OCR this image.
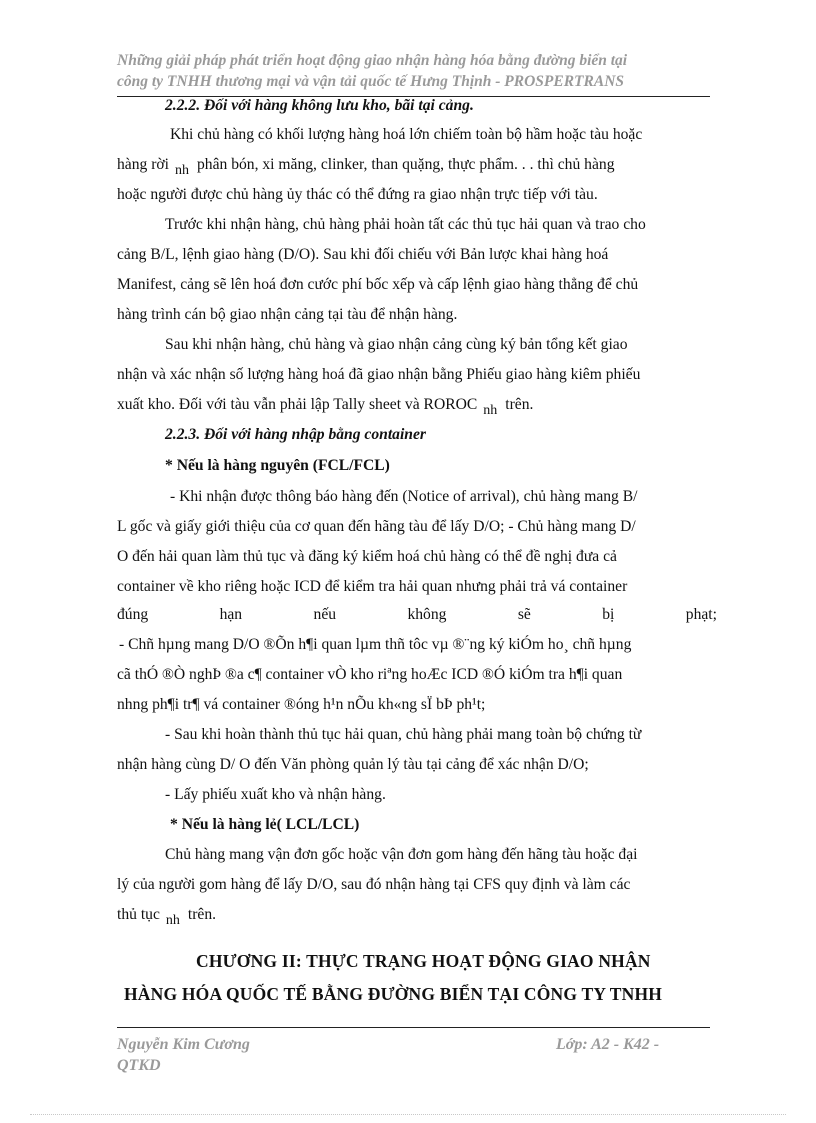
Những giải pháp phát triển hoạt động giao nhận hàng hóa bằng đường biển tại
công ty TNHH thương mại và vận tải quốc tế Hưng Thịnh - PROSPERTRANS
2.2.2. Đối với hàng không lưu kho, bãi tại cảng.
Khi chủ hàng có khối lượng hàng hoá lớn chiếm toàn bộ hầm hoặc tàu hoặc
hàng rời nh phân bón, xi măng, clinker, than quặng, thực phẩm. . . thì chủ hàng
hoặc người được chủ hàng ủy thác có thể đứng ra giao nhận trực tiếp với tàu.
Trước khi nhận hàng, chủ hàng phải hoàn tất các thủ tục hải quan và trao cho
cảng B/L, lệnh giao hàng (D/O). Sau khi đối chiếu với Bản lược khai hàng hoá
Manifest, cảng sẽ lên hoá đơn cước phí bốc xếp và cấp lệnh giao hàng thẳng để chủ
hàng trình cán bộ giao nhận cảng tại tàu để nhận hàng.
Sau khi nhận hàng, chủ hàng và giao nhận cảng cùng ký bản tổng kết giao
nhận và xác nhận số lượng hàng hoá đã giao nhận bằng Phiếu giao hàng kiêm phiếu
xuất kho. Đối với tàu vẫn phải lập Tally sheet và ROROC nh trên.
2.2.3. Đối với hàng nhập bằng container
* Nếu là hàng nguyên (FCL/FCL)
- Khi nhận được thông báo hàng đến (Notice of arrival), chủ hàng mang B/
L gốc và giấy giới thiệu của cơ quan đến hãng tàu để lấy D/O; - Chủ hàng mang D/
O đến hải quan làm thủ tục và đăng ký kiểm hoá chủ hàng có thể đề nghị đưa cả
container về kho riêng hoặc ICD để kiểm tra hải quan nhưng phải trả vá container
đúng	hạn	nếu	không	sẽ	bị	phạt;
- Chñ hµng mang D/O ®Õn h¶i quan lµm thñ tôc vµ ®¨ng ký kiÓm ho¸ chñ hµng
cã thÓ ®Ò nghÞ ®a c¶ container vÒ kho riªng hoÆc ICD ®Ó kiÓm tra h¶i quan
nhng ph¶i tr¶ vá container ®óng h¹n nÕu kh«ng sÏ bÞ ph¹t;
- Sau khi hoàn thành thủ tục hải quan, chủ hàng phải mang toàn bộ chứng từ
nhận hàng cùng D/ O đến Văn phòng quản lý tàu tại cảng để xác nhận D/O;
- Lấy phiếu xuất kho và nhận hàng.
* Nếu là hàng lẻ( LCL/LCL)
Chủ hàng mang vận đơn gốc hoặc vận đơn gom hàng đến hãng tàu hoặc đại
lý của người gom hàng để lấy D/O, sau đó nhận hàng tại CFS quy định và làm các
thủ tục nh trên.
CHƯƠNG II: THỰC TRẠNG HOẠT ĐỘNG GIAO NHẬN
HÀNG HÓA QUỐC TẾ BẰNG ĐƯỜNG BIỂN TẠI CÔNG TY TNHH
Nguyễn Kim Cương	Lớp: A2 - K42 -
QTKD
